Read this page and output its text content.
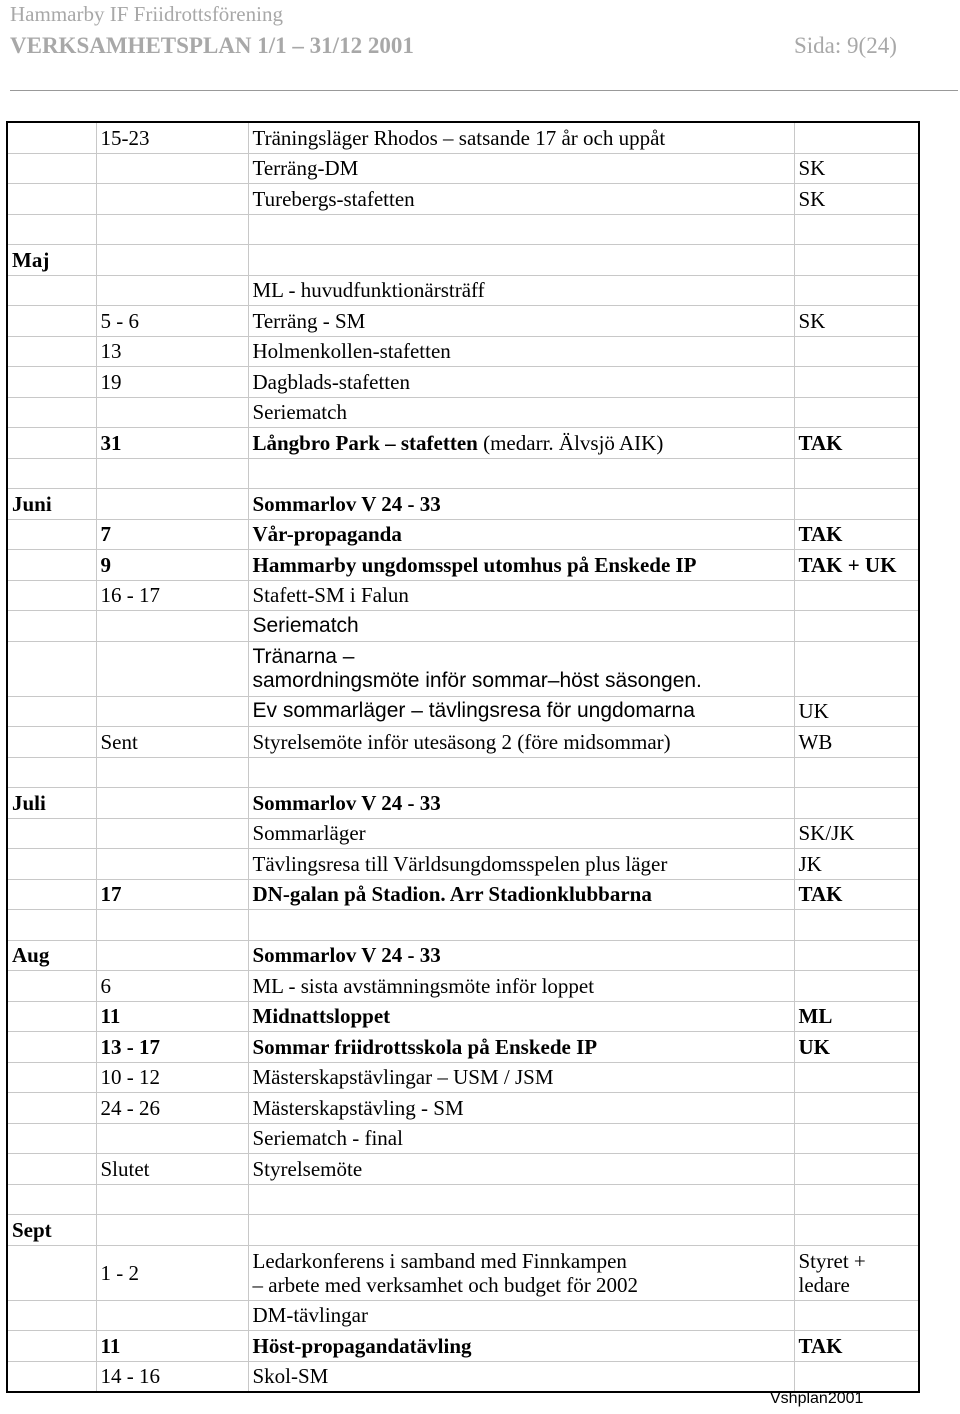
Hammarby IF Friidrottsförening
VERKSAMHETSPLAN 1/1 – 31/12 2001	Sida: 9(24)
	15-23	Träningsläger Rhodos – satsande 17 år och uppåt	
		Terräng-DM	SK
		Turebergs-stafetten	SK

Maj			
		ML - huvudfunktionärsträff	
	5 - 6	Terräng - SM	SK
	13	Holmenkollen-stafetten	
	19	Dagblads-stafetten	
		Seriematch	
	31	Långbro Park – stafetten (medarr. Älvsjö AIK)	TAK

Juni		Sommarlov V 24 - 33	
	7	Vår-propaganda	TAK
	9	Hammarby ungdomsspel utomhus på Enskede IP	TAK + UK
	16 - 17	Stafett-SM i Falun	
		Seriematch	
		Tränarna –
samordningsmöte inför sommar–höst säsongen.	
		Ev sommarläger – tävlingsresa för ungdomarna	UK
	Sent	Styrelsemöte inför utesäsong 2 (före midsommar)	WB

Juli		Sommarlov V 24 - 33	
		Sommarläger	SK/JK
		Tävlingsresa till Världsungdomsspelen plus läger	JK
	17	DN-galan på Stadion. Arr Stadionklubbarna	TAK

Aug		Sommarlov V 24 - 33	
	6	ML - sista avstämningsmöte inför loppet	
	11	Midnattsloppet	ML
	13 - 17	Sommar friidrottsskola på Enskede IP	UK
	10 - 12	Mästerskapstävlingar – USM / JSM	
	24 - 26	Mästerskapstävling - SM	
		Seriematch - final	
	Slutet	Styrelsemöte	

Sept			
	1 - 2	Ledarkonferens i samband med Finnkampen
– arbete med verksamhet och budget för 2002	Styret +
ledare
		DM-tävlingar	
	11	Höst-propagandatävling	TAK
	14 - 16	Skol-SM	
Vshplan2001
